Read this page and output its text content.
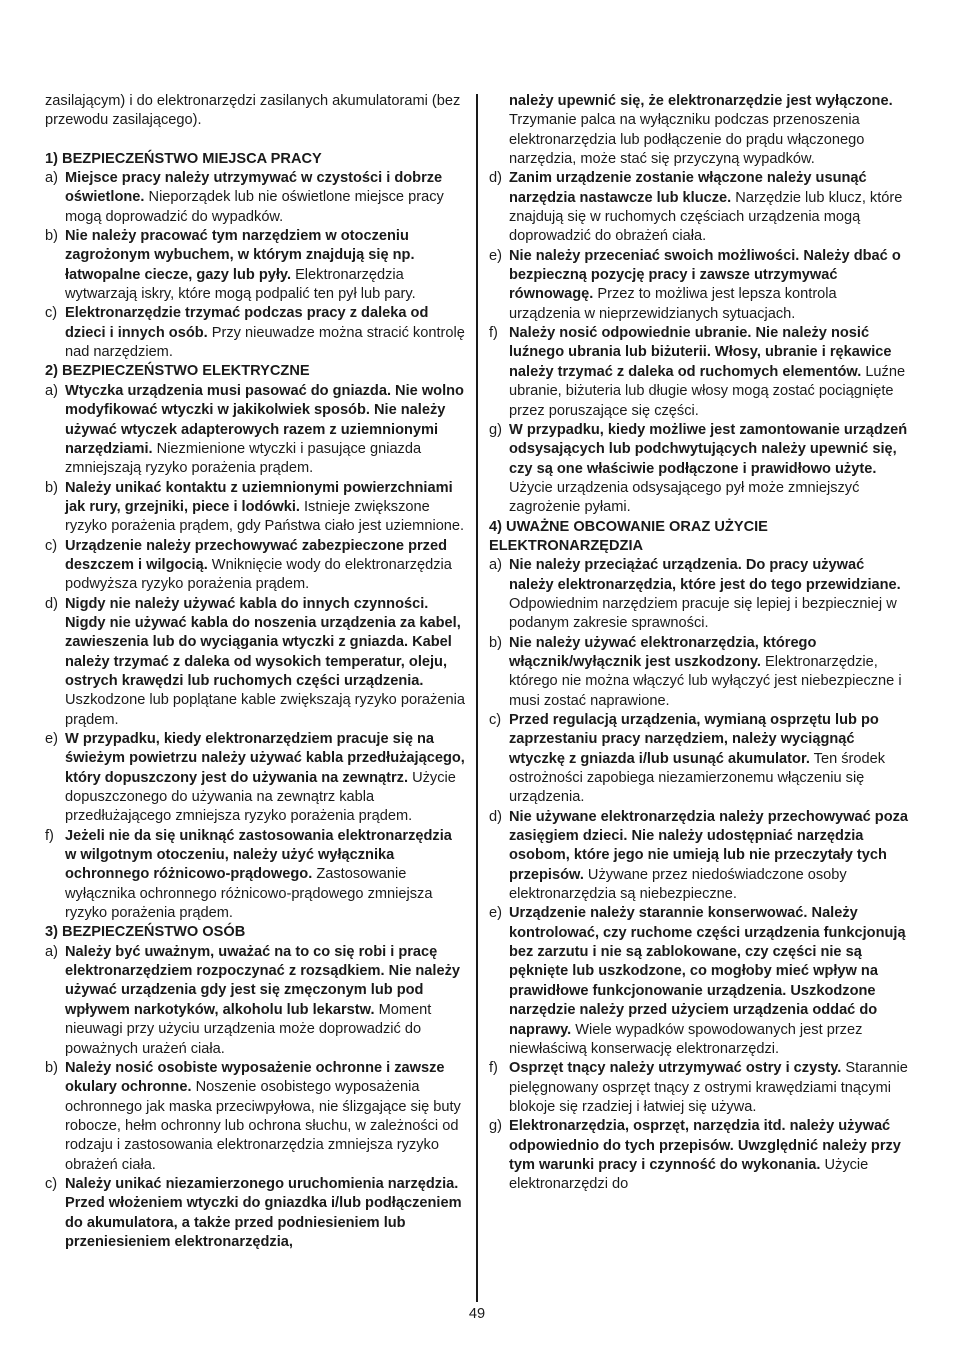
zasilającym) i do elektronarzędzi zasilanych akumulatorami (bez przewodu zasilającego).

1) BEZPIECZEŃSTWO MIEJSCA PRACY

a) Miejsce pracy należy utrzymywać w czystości i dobrze oświetlone. Nieporządek lub nie oświetlone miejsce pracy mogą doprowadzić do wypadków.
b) Nie należy pracować tym narzędziem w otoczeniu zagrożonym wybuchem, w którym znajdują się np. łatwopalne ciecze, gazy lub pyły. Elektronarzędzia wytwarzają iskry, które mogą podpalić ten pył lub pary.
c) Elektronarzędzie trzymać podczas pracy z daleka od dzieci i innych osób. Przy nieuwadze można stracić kontrolę nad narzędziem.

2) BEZPIECZEŃSTWO ELEKTRYCZNE

a) Wtyczka urządzenia musi pasować do gniazda. Nie wolno modyfikować wtyczki w jakikolwiek sposób. Nie należy używać wtyczek adapterowych razem z uziemnionymi narzędziami. Niezmienione wtyczki i pasujące gniazda zmniejszają ryzyko porażenia prądem.
b) Należy unikać kontaktu z uziemnionymi powierzchniami jak rury, grzejniki, piece i lodówki. Istnieje zwiększone ryzyko porażenia prądem, gdy Państwa ciało jest uziemnione.
c) Urządzenie należy przechowywać zabezpieczone przed deszczem i wilgocią. Wniknięcie wody do elektronarzędzia podwyższa ryzyko porażenia prądem.
d) Nigdy nie należy używać kabla do innych czynności. Nigdy nie używać kabla do noszenia urządzenia za kabel, zawieszenia lub do wyciągania wtyczki z gniazda. Kabel należy trzymać z daleka od wysokich temperatur, oleju, ostrych krawędzi lub ruchomych części urządzenia. Uszkodzone lub poplątane kable zwiększają ryzyko porażenia prądem.
e) W przypadku, kiedy elektronarzędziem pracuje się na świeżym powietrzu należy używać kabla przedłużającego, który dopuszczony jest do używania na zewnątrz. Użycie dopuszczonego do używania na zewnątrz kabla przedłużającego zmniejsza ryzyko porażenia prądem.
f) Jeżeli nie da się uniknąć zastosowania elektronarzędzia w wilgotnym otoczeniu, należy użyć wyłącznika ochronnego różnicowo-prądowego. Zastosowanie wyłącznika ochronnego różnicowo-prądowego zmniejsza ryzyko porażenia prądem.

3) BEZPIECZEŃSTWO OSÓB

a) Należy być uważnym, uważać na to co się robi i pracę elektronarzędziem rozpoczynać z rozsądkiem. Nie należy używać urządzenia gdy jest się zmęczonym lub pod wpływem narkotyków, alkoholu lub lekarstw. Moment nieuwagi przy użyciu urządzenia może doprowadzić do poważnych urażeń ciała.
b) Należy nosić osobiste wyposażenie ochronne i zawsze okulary ochronne. Noszenie osobistego wyposażenia ochronnego jak maska przeciwpyłowa, nie ślizgające się buty robocze, hełm ochronny lub ochrona słuchu, w zależności od rodzaju i zastosowania elektronarzędzia zmniejsza ryzyko obrażeń ciała.
c) Należy unikać niezamierzonego uruchomienia narzędzia. Przed włożeniem wtyczki do gniazdka i/lub podłączeniem do akumulatora, a także przed podniesieniem lub przeniesieniem elektronarzędzia,
należy upewnić się, że elektronarzędzie jest wyłączone. Trzymanie palca na wyłączniku podczas przenoszenia elektronarzędzia lub podłączenie do prądu włączonego narzędzia, może stać się przyczyną wypadków.
d) Zanim urządzenie zostanie włączone należy usunąć narzędzia nastawcze lub klucze. Narzędzie lub klucz, które znajdują się w ruchomych częściach urządzenia mogą doprowadzić do obrażeń ciała.
e) Nie należy przeceniać swoich możliwości. Należy dbać o bezpieczną pozycję pracy i zawsze utrzymywać równowagę. Przez to możliwa jest lepsza kontrola urządzenia w nieprzewidzianych sytuacjach.
f) Należy nosić odpowiednie ubranie. Nie należy nosić luźnego ubrania lub biżuterii. Włosy, ubranie i rękawice należy trzymać z daleka od ruchomych elementów. Luźne ubranie, biżuteria lub długie włosy mogą zostać pociągnięte przez poruszające się części.
g) W przypadku, kiedy możliwe jest zamontowanie urządzeń odsysających lub podchwytujących należy upewnić się, czy są one właściwie podłączone i prawidłowo użyte. Użycie urządzenia odsysającego pył może zmniejszyć zagrożenie pyłami.

4) UWAŻNE OBCOWANIE ORAZ UŻYCIE ELEKTRONARZĘDZIA

a) Nie należy przeciążać urządzenia. Do pracy używać należy elektronarzędzia, które jest do tego przewidziane. Odpowiednim narzędziem pracuje się lepiej i bezpieczniej w podanym zakresie sprawności.
b) Nie należy używać elektronarzędzia, którego włącznik/wyłącznik jest uszkodzony. Elektronarzędzie, którego nie można włączyć lub wyłączyć jest niebezpieczne i musi zostać naprawione.
c) Przed regulacją urządzenia, wymianą osprzętu lub po zaprzestaniu pracy narzędziem, należy wyciągnąć wtyczkę z gniazda i/lub usunąć akumulator. Ten środek ostrożności zapobiega niezamierzonemu włączeniu się urządzenia.
d) Nie używane elektronarzędzia należy przechowywać poza zasięgiem dzieci. Nie należy udostępniać narzędzia osobom, które jego nie umieją lub nie przeczytały tych przepisów. Używane przez niedoświadczone osoby elektronarzędzia są niebezpieczne.
e) Urządzenie należy starannie konserwować. Należy kontrolować, czy ruchome części urządzenia funkcjonują bez zarzutu i nie są zablokowane, czy części nie są pęknięte lub uszkodzone, co mogłoby mieć wpływ na prawidłowe funkcjonowanie urządzenia. Uszkodzone narzędzie należy przed użyciem urządzenia oddać do naprawy. Wiele wypadków spowodowanych jest przez niewłaściwą konserwację elektronarzędzi.
f) Osprzęt tnący należy utrzymywać ostry i czysty. Starannie pielęgnowany osprzęt tnący z ostrymi krawędziami tnącymi blokoje się rzadziej i łatwiej się używa.
g) Elektronarzędzia, osprzęt, narzędzia itd. należy używać odpowiednio do tych przepisów. Uwzględnić należy przy tym warunki pracy i czynność do wykonania. Użycie elektronarzędzi do
49
